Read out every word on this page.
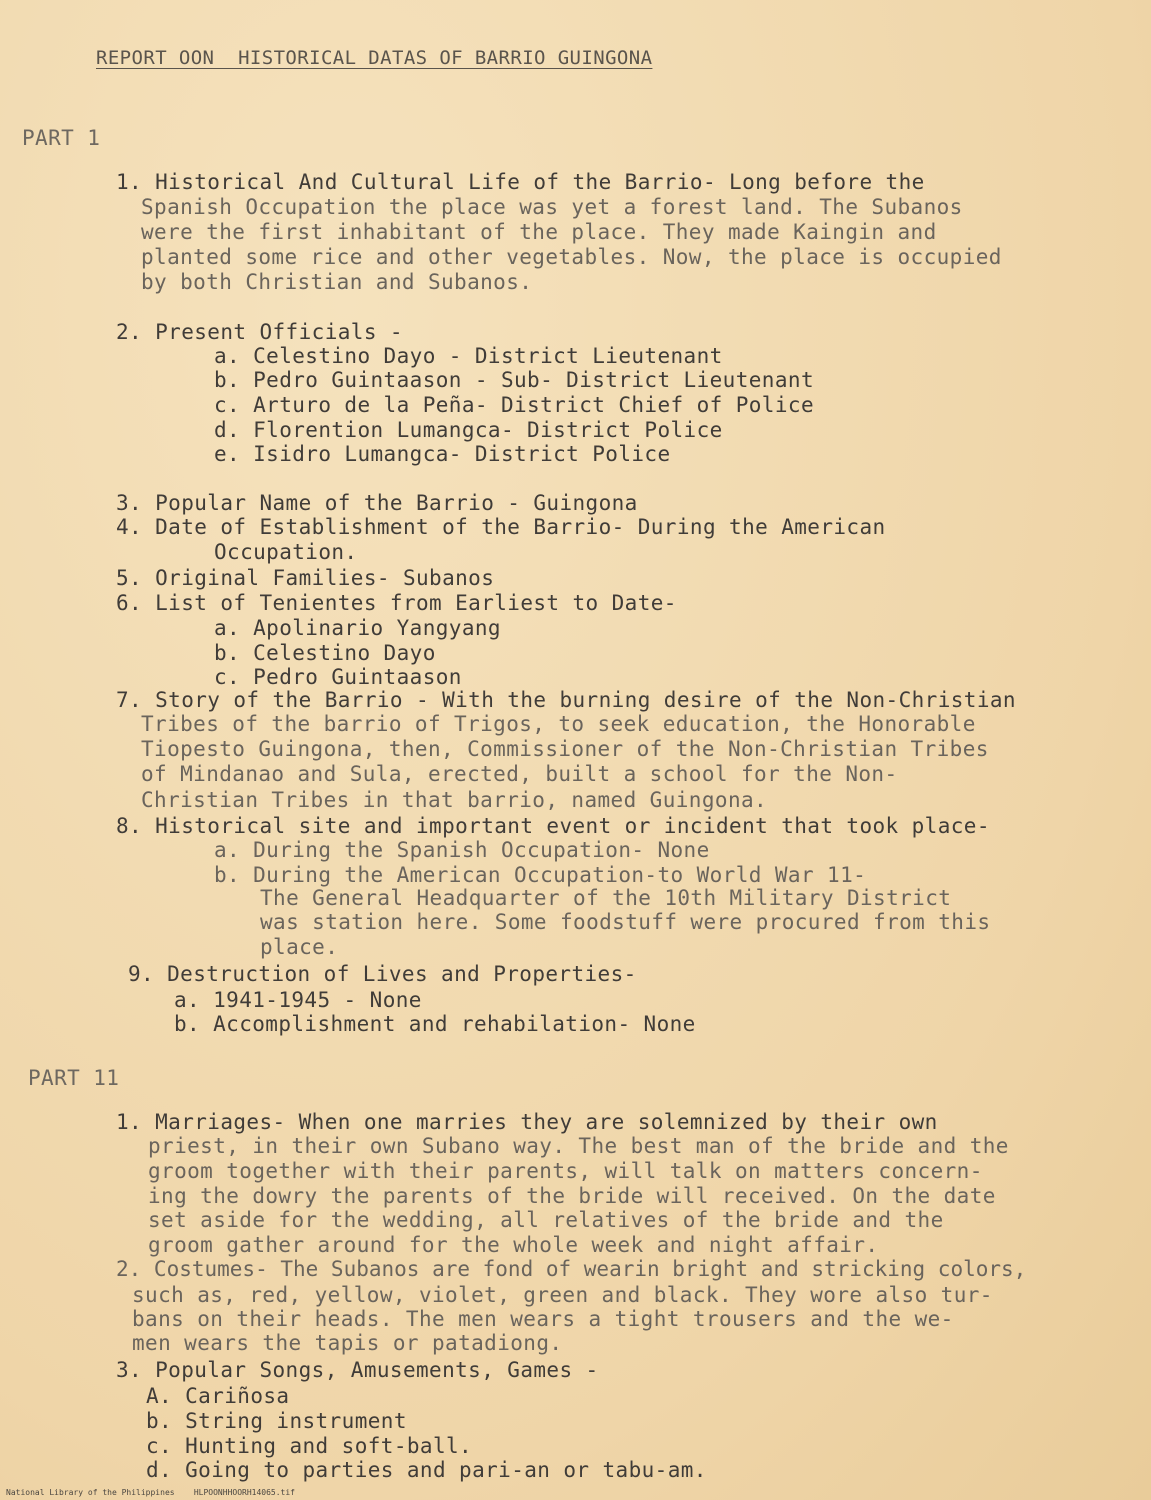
REPORT OON  HISTORICAL DATAS OF BARRIO GUINGONA
PART 1
1. Historical And Cultural Life of the Barrio- Long before the
Spanish Occupation the place was yet a forest land. The Subanos
were the first inhabitant of the place. They made Kaingin and
planted some rice and other vegetables. Now, the place is occupied
by both Christian and Subanos.
2. Present Officials -
a. Celestino Dayo - District Lieutenant
b. Pedro Guintaason - Sub- District Lieutenant
c. Arturo de la Peña- District Chief of Police
d. Florention Lumangca- District Police
e. Isidro Lumangca- District Police
3. Popular Name of the Barrio - Guingona
4. Date of Establishment of the Barrio- During the American
Occupation.
5. Original Families- Subanos
6. List of Tenientes from Earliest to Date-
a. Apolinario Yangyang
b. Celestino Dayo
c. Pedro Guintaason
7. Story of the Barrio - With the burning desire of the Non-Christian
Tribes of the barrio of Trigos, to seek education, the Honorable
Tiopesto Guingona, then, Commissioner of the Non-Christian Tribes
of Mindanao and Sula, erected, built a school for the Non-
Christian Tribes in that barrio, named Guingona.
8. Historical site and important event or incident that took place-
a. During the Spanish Occupation- None
b. During the American Occupation-to World War 11-
The General Headquarter of the 10th Military District
was station here. Some foodstuff were procured from this
place.
9. Destruction of Lives and Properties-
a. 1941-1945 - None
b. Accomplishment and rehabilation- None
PART 11
1. Marriages- When one marries they are solemnized by their own
priest, in their own Subano way. The best man of the bride and the
groom together with their parents, will talk on matters concern-
ing the dowry the parents of the bride will received. On the date
set aside for the wedding, all relatives of the bride and the
groom gather around for the whole week and night affair.
2. Costumes- The Subanos are fond of wearin bright and stricking colors,
such as, red, yellow, violet, green and black. They wore also tur-
bans on their heads. The men wears a tight trousers and the we-
men wears the tapis or patadiong.
3. Popular Songs, Amusements, Games -
A. Cariñosa
b. String instrument
c. Hunting and soft-ball.
d. Going to parties and pari-an or tabu-am.
National Library of the Philippines    HLPOONHHOORH14065.tif
